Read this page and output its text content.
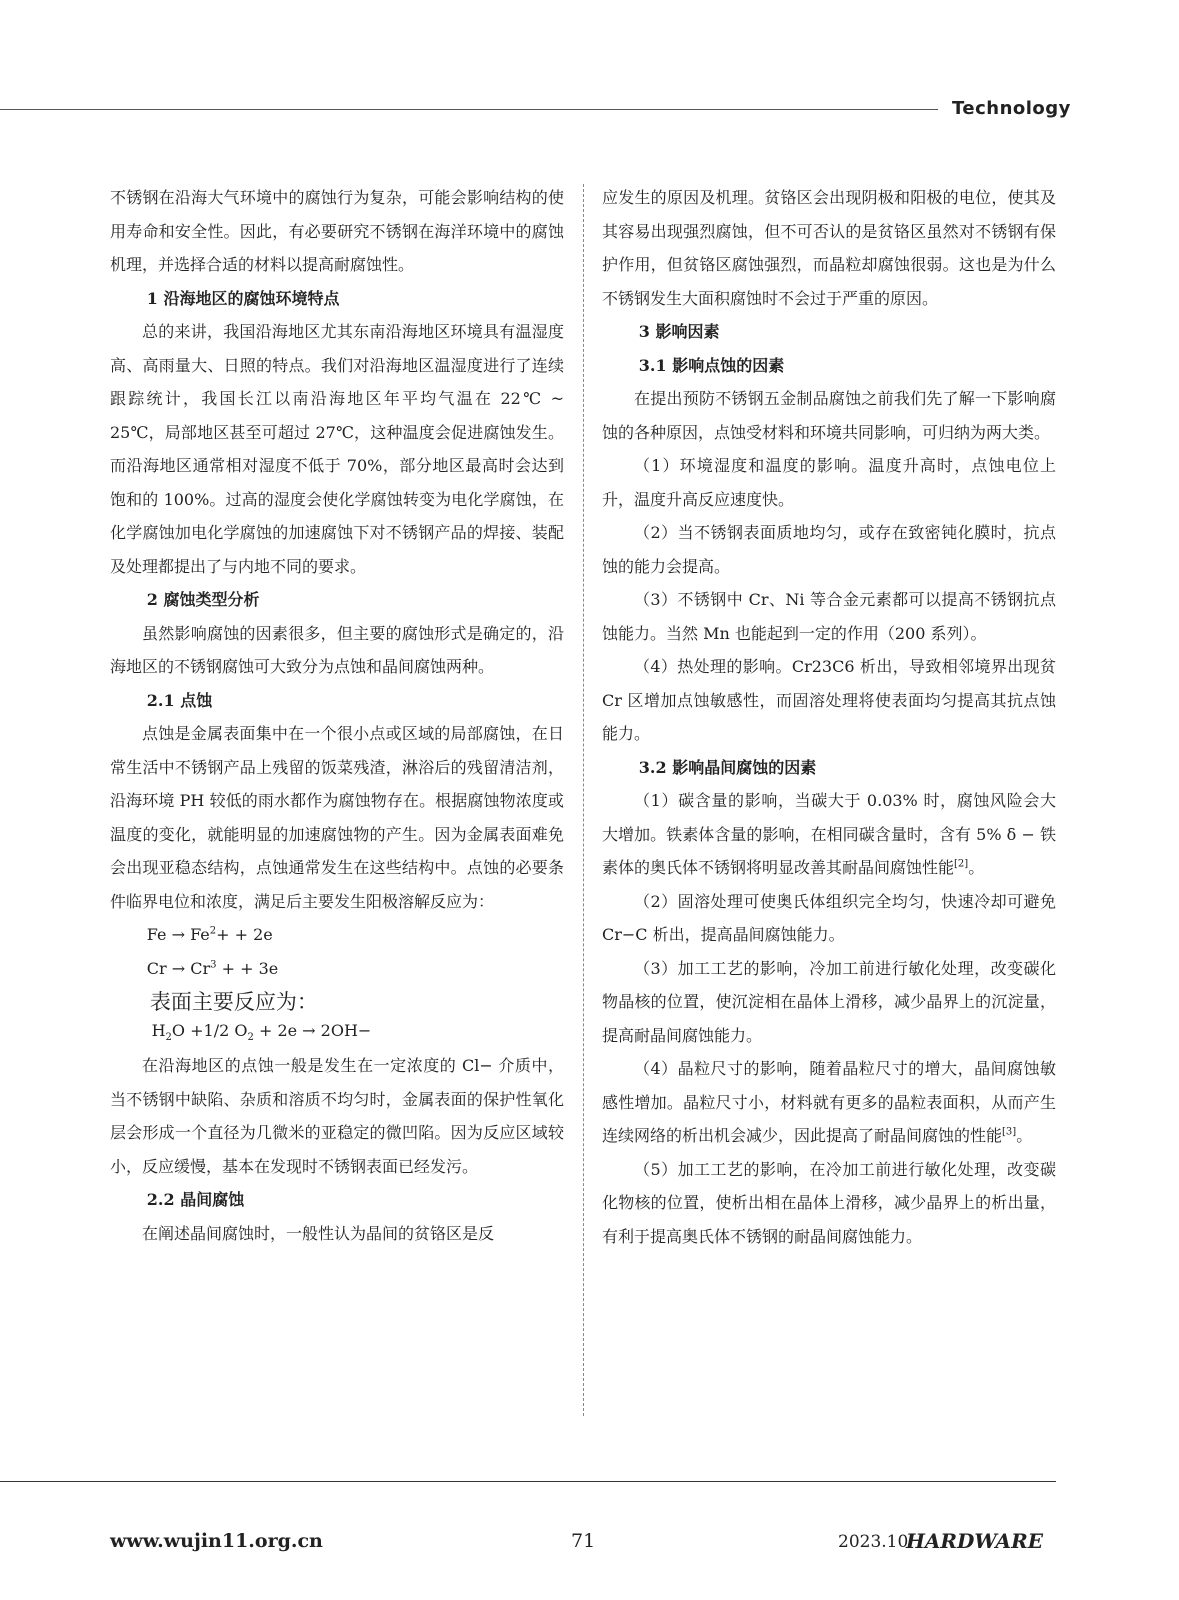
Technology

不锈钢在沿海大气环境中的腐蚀行为复杂，可能会影响结构的使用寿命和安全性。因此，有必要研究不锈钢在海洋环境中的腐蚀机理，并选择合适的材料以提高耐腐蚀性。

1 沿海地区的腐蚀环境特点

总的来讲，我国沿海地区尤其东南沿海地区环境具有温湿度高、高雨量大、日照的特点。我们对沿海地区温湿度进行了连续跟踪统计，我国长江以南沿海地区年平均气温在 22℃ ~ 25℃，局部地区甚至可超过 27℃，这种温度会促进腐蚀发生。而沿海地区通常相对湿度不低于 70%，部分地区最高时会达到饱和的 100%。过高的湿度会使化学腐蚀转变为电化学腐蚀，在化学腐蚀加电化学腐蚀的加速腐蚀下对不锈钢产品的焊接、装配及处理都提出了与内地不同的要求。

2 腐蚀类型分析

虽然影响腐蚀的因素很多，但主要的腐蚀形式是确定的，沿海地区的不锈钢腐蚀可大致分为点蚀和晶间腐蚀两种。

2.1 点蚀

点蚀是金属表面集中在一个很小点或区域的局部腐蚀，在日常生活中不锈钢产品上残留的饭菜残渣，淋浴后的残留清洁剂，沿海环境 PH 较低的雨水都作为腐蚀物存在。根据腐蚀物浓度或温度的变化，就能明显的加速腐蚀物的产生。因为金属表面难免会出现亚稳态结构，点蚀通常发生在这些结构中。点蚀的必要条件临界电位和浓度，满足后主要发生阳极溶解反应为：

$Fe \to Fe^2+ + 2e$

$Cr \to Cr^3$ + + 3e

表面主要反应为：

$H_2O +1/2$ $O_2 + 2e \to 2OH-$

在沿海地区的点蚀一般是发生在一定浓度的 Cl− 介质中，当不锈钢中缺陷、杂质和溶质不均匀时，金属表面的保护性氧化层会形成一个直径为几微米的亚稳定的微凹陷。因为反应区域较小，反应缓慢，基本在发现时不锈钢表面已经发污。

2.2 晶间腐蚀

在阐述晶间腐蚀时，一般性认为晶间的贫铬区是反

应发生的原因及机理。贫铬区会出现阴极和阳极的电位，使其及其容易出现强烈腐蚀，但不可否认的是贫铬区虽然对不锈钢有保护作用，但贫铬区腐蚀强烈，而晶粒却腐蚀很弱。这也是为什么不锈钢发生大面积腐蚀时不会过于严重的原因。

3 影响因素

3.1 影响点蚀的因素

在提出预防不锈钢五金制品腐蚀之前我们先了解一下影响腐蚀的各种原因，点蚀受材料和环境共同影响，可归纳为两大类。

（1）环境湿度和温度的影响。温度升高时，点蚀电位上升，温度升高反应速度快。

（2）当不锈钢表面质地均匀，或存在致密钝化膜时，抗点蚀的能力会提高。

（3）不锈钢中 Cr、Ni 等合金元素都可以提高不锈钢抗点蚀能力。当然 Mn 也能起到一定的作用（200 系列）。

（4）热处理的影响。Cr23C6 析出，导致相邻境界出现贫 Cr 区增加点蚀敏感性，而固溶处理将使表面均匀提高其抗点蚀能力。

3.2 影响晶间腐蚀的因素

（1）碳含量的影响，当碳大于 0.03% 时，腐蚀风险会大大增加。铁素体含量的影响，在相同碳含量时，含有 5% δ − 铁素体的奥氏体不锈钢将明显改善其耐晶间腐蚀性能[2]。

（2）固溶处理可使奥氏体组织完全均匀，快速冷却可避免 Cr−C 析出，提高晶间腐蚀能力。

（3）加工工艺的影响，冷加工前进行敏化处理，改变碳化物晶核的位置，使沉淀相在晶体上滑移，减少晶界上的沉淀量，提高耐晶间腐蚀能力。

（4）晶粒尺寸的影响，随着晶粒尺寸的增大，晶间腐蚀敏感性增加。晶粒尺寸小，材料就有更多的晶粒表面积，从而产生连续网络的析出机会减少，因此提高了耐晶间腐蚀的性能[3]。

（5）加工工艺的影响，在冷加工前进行敏化处理，改变碳化物核的位置，使析出相在晶体上滑移，减少晶界上的析出量，有利于提高奥氏体不锈钢的耐晶间腐蚀能力。

www.wujin11.org.cn	71	2023.10
HARDWARE
